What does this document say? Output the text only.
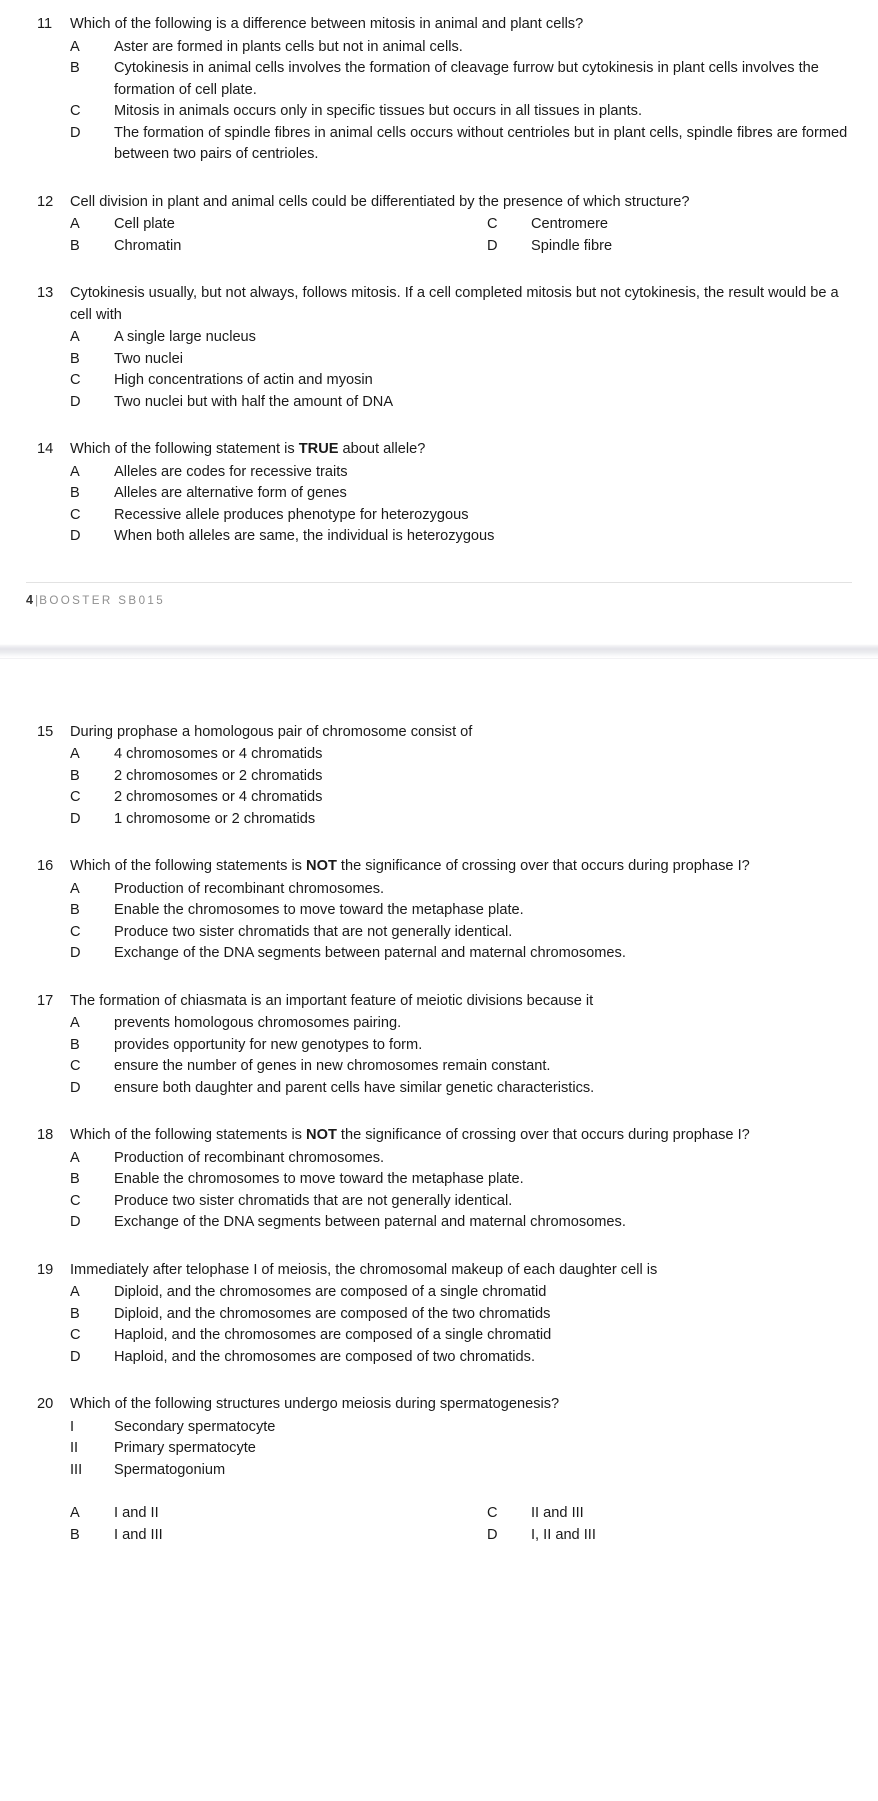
11	Which of the following is a difference between mitosis in animal and plant cells?
A	Aster are formed in plants cells but not in animal cells.
B	Cytokinesis in animal cells involves the formation of cleavage furrow but cytokinesis in plant cells involves the formation of cell plate.
C	Mitosis in animals occurs only in specific tissues but occurs in all tissues in plants.
D	The formation of spindle fibres in animal cells occurs without centrioles but in plant cells, spindle fibres are formed between two pairs of centrioles.
12	Cell division in plant and animal cells could be differentiated by the presence of which structure?
A	Cell plate	C	Centromere
B	Chromatin	D	Spindle fibre
13	Cytokinesis usually, but not always, follows mitosis. If a cell completed mitosis but not cytokinesis, the result would be a cell with
A	A single large nucleus
B	Two nuclei
C	High concentrations of actin and myosin
D	Two nuclei but with half the amount of DNA
14	Which of the following statement is TRUE about allele?
A	Alleles are codes for recessive traits
B	Alleles are alternative form of genes
C	Recessive allele produces phenotype for heterozygous
D	When both alleles are same, the individual is heterozygous
4 |BOOSTER SB015
15	During prophase a homologous pair of chromosome consist of
A	4 chromosomes or 4 chromatids
B	2 chromosomes or 2 chromatids
C	2 chromosomes or 4 chromatids
D	1 chromosome or 2 chromatids
16	Which of the following statements is NOT the significance of crossing over that occurs during prophase I?
A	Production of recombinant chromosomes.
B	Enable the chromosomes to move toward the metaphase plate.
C	Produce two sister chromatids that are not generally identical.
D	Exchange of the DNA segments between paternal and maternal chromosomes.
17	The formation of chiasmata is an important feature of meiotic divisions because it
A	prevents homologous chromosomes pairing.
B	provides opportunity for new genotypes to form.
C	ensure the number of genes in new chromosomes remain constant.
D	ensure both daughter and parent cells have similar genetic characteristics.
18	Which of the following statements is NOT the significance of crossing over that occurs during prophase I?
A	Production of recombinant chromosomes.
B	Enable the chromosomes to move toward the metaphase plate.
C	Produce two sister chromatids that are not generally identical.
D	Exchange of the DNA segments between paternal and maternal chromosomes.
19	Immediately after telophase I of meiosis, the chromosomal makeup of each daughter cell is
A	Diploid, and the chromosomes are composed of a single chromatid
B	Diploid, and the chromosomes are composed of the two chromatids
C	Haploid, and the chromosomes are composed of a single chromatid
D	Haploid, and the chromosomes are composed of two chromatids.
20	Which of the following structures undergo meiosis during spermatogenesis?
I	Secondary spermatocyte
II	Primary spermatocyte
III	Spermatogonium
A	I and II	C	II and III
B	I and III	D	I, II and III
